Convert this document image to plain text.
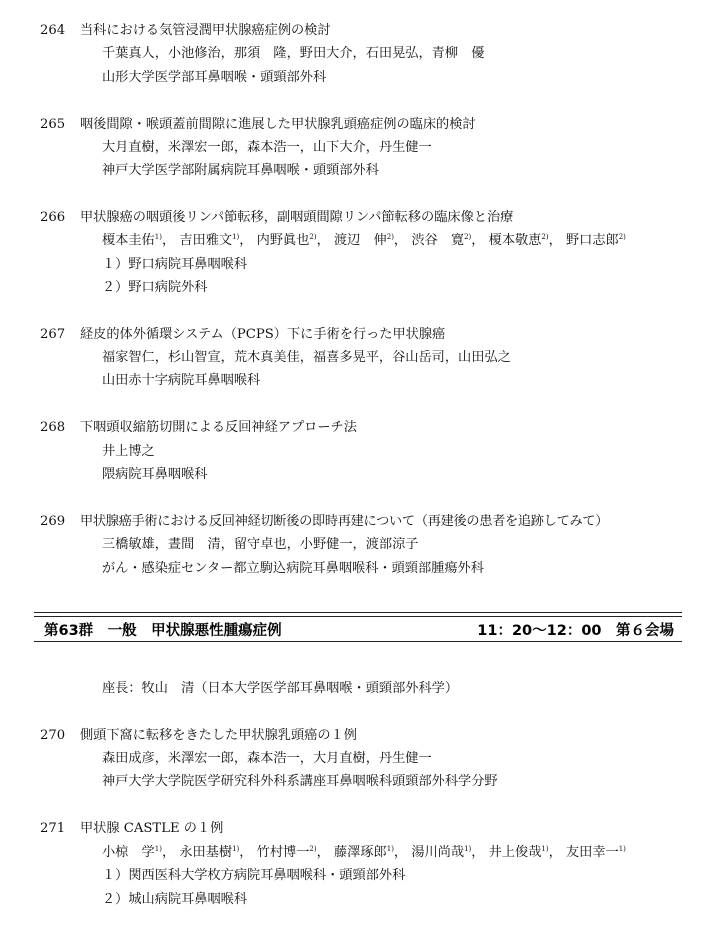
264 当科における気管浸潤甲状腺癌症例の検討
千葉真人，小池修治，那須　隆，野田大介，石田晃弘，青柳　優
山形大学医学部耳鼻咽喉・頭頸部外科
265 咽後間隙・喉頭蓋前間隙に進展した甲状腺乳頭癌症例の臨床的検討
大月直樹，米澤宏一郎，森本浩一，山下大介，丹生健一
神戸大学医学部附属病院耳鼻咽喉・頭頸部外科
266 甲状腺癌の咽頭後リンパ節転移，副咽頭間隙リンパ節転移の臨床像と治療
榎本圭佑$^{1)}$， 吉田雅文$^{1)}$， 内野眞也$^{2)}$， 渡辺　伸$^{2)}$， 渋谷　寛$^{2)}$， 榎本敬恵$^{2)}$， 野口志郎$^{2)}$
１）野口病院耳鼻咽喉科
２）野口病院外科
267 経皮的体外循環システム（PCPS）下に手術を行った甲状腺癌
福家智仁，杉山智宣，荒木真美佳，福喜多晃平，谷山岳司，山田弘之
山田赤十字病院耳鼻咽喉科
268 下咽頭収縮筋切開による反回神経アプローチ法
井上博之
隈病院耳鼻咽喉科
269 甲状腺癌手術における反回神経切断後の即時再建について（再建後の患者を追跡してみて）
三橋敏雄，晝間　清，留守卓也，小野健一，渡部涼子
がん・感染症センター都立駒込病院耳鼻咽喉科・頭頸部腫瘍外科
第63群　一般　甲状腺悪性腫瘍症例	11：20～12：00　第６会場
座長：牧山　清（日本大学医学部耳鼻咽喉・頭頸部外科学）
270 側頭下窩に転移をきたした甲状腺乳頭癌の１例
森田成彦，米澤宏一郎，森本浩一，大月直樹，丹生健一
神戸大学大学院医学研究科外科系講座耳鼻咽喉科頭頸部外科学分野
271 甲状腺 CASTLE の１例
小椋　学$^{1)}$， 永田基樹$^{1)}$， 竹村博一$^{2)}$， 藤澤琢郎$^{1)}$， 湯川尚哉$^{1)}$， 井上俊哉$^{1)}$， 友田幸一$^{1)}$
１）関西医科大学枚方病院耳鼻咽喉科・頭頸部外科
２）城山病院耳鼻咽喉科
